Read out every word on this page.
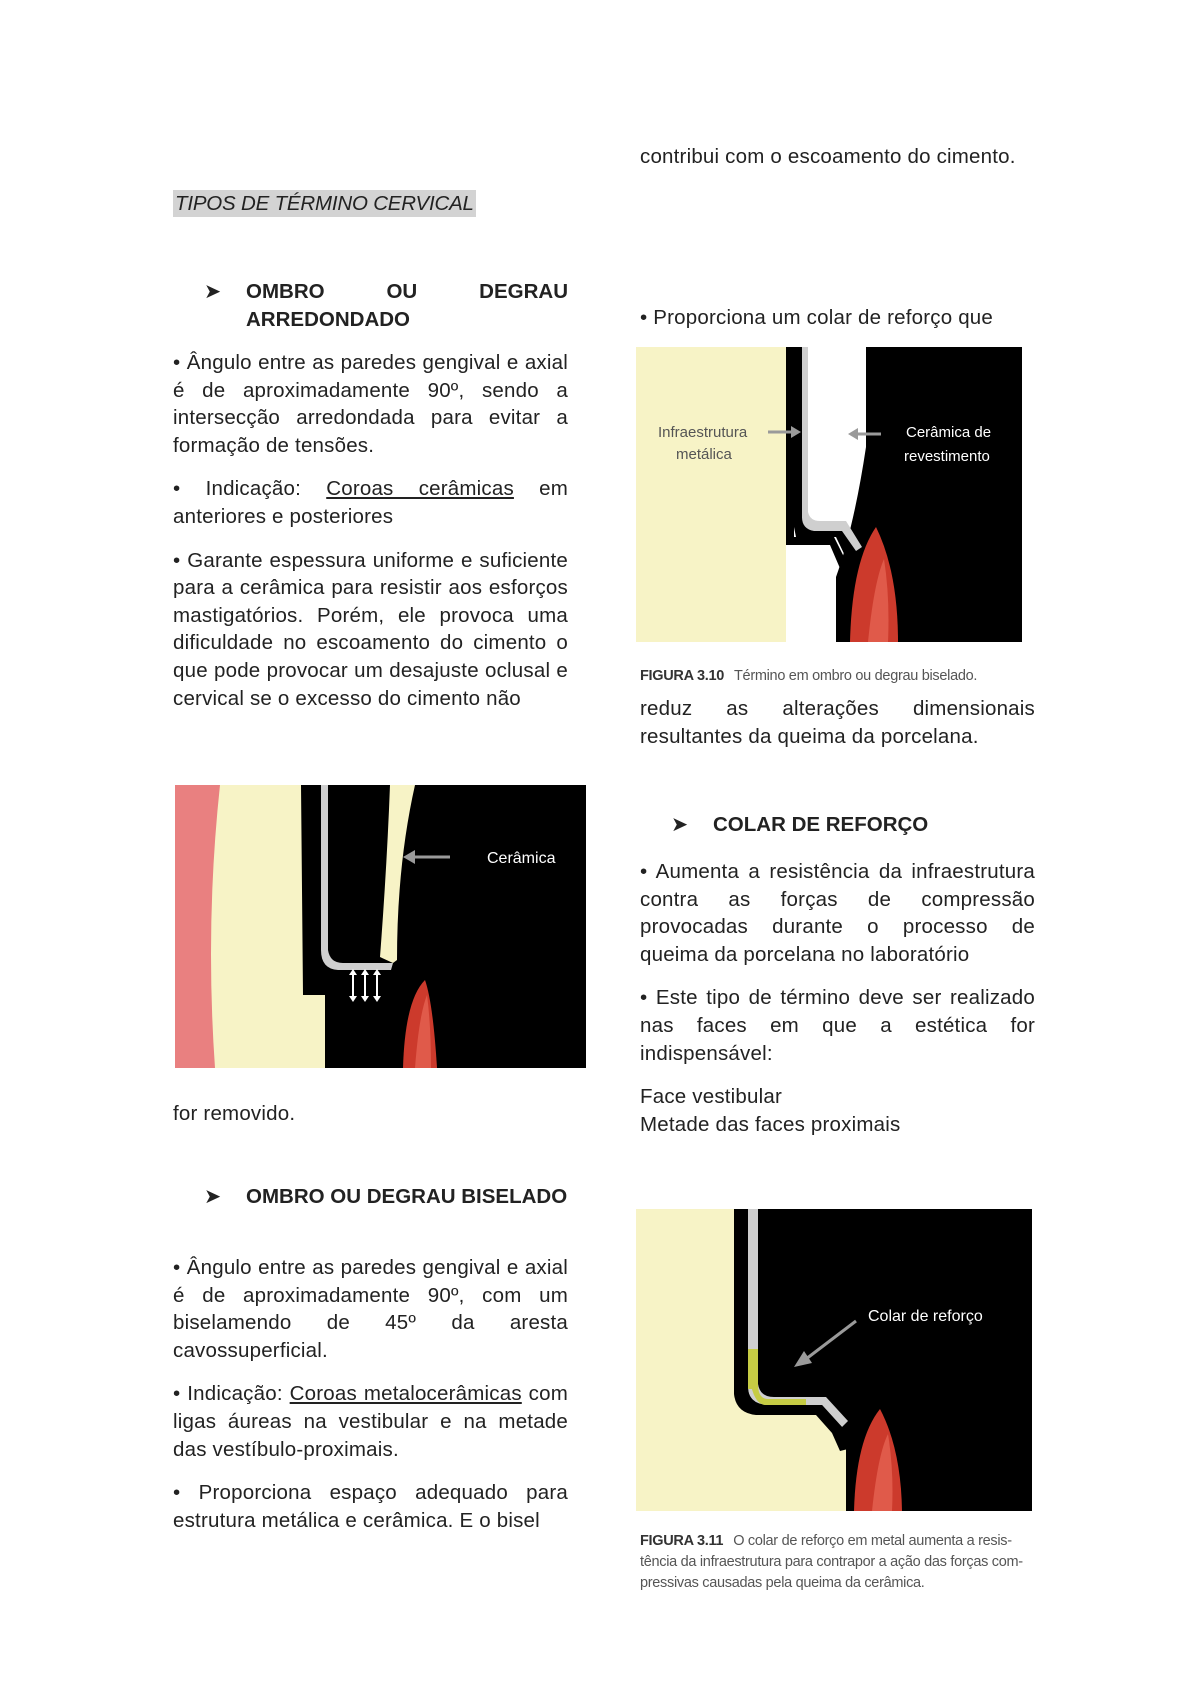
TIPOS DE TÉRMINO CERVICAL
➤ OMBRO OU DEGRAU ARREDONDADO

• Ângulo entre as paredes gengival e axial é de aproximadamente 90º, sendo a intersecção arredondada para evitar a formação de tensões.

• Indicação: Coroas cerâmicas em anteriores e posteriores

• Garante espessura uniforme e suficiente para a cerâmica para resistir aos esforços mastigatórios. Porém, ele provoca uma dificuldade no escoamento do cimento o que pode provocar um desajuste oclusal e cervical se o excesso do cimento não

Cerâmica

for removido.

➤ OMBRO OU DEGRAU BISELADO

• Ângulo entre as paredes gengival e axial é de aproximadamente 90º, com um biselamendo de 45º da aresta cavossuperficial.

• Indicação: Coroas metalocerâmicas com ligas áureas na vestibular e na metade das vestíbulo-proximais.

• Proporciona espaço adequado para estrutura metálica e cerâmica. E o bisel

contribui com o escoamento do cimento.

• Proporciona um colar de reforço que

Infraestrutura
metálica
Cerâmica de
revestimento
FIGURA 3.10 Término em ombro ou degrau biselado.

reduz as alterações dimensionais resultantes da queima da porcelana.

➤ COLAR DE REFORÇO

• Aumenta a resistência da infraestrutura contra as forças de compressão provocadas durante o processo de queima da porcelana no laboratório

• Este tipo de término deve ser realizado nas faces em que a estética for indispensável:

Face vestibular

Metade das faces proximais

Colar de reforço
FIGURA 3.11 O colar de reforço em metal aumenta a resis-
tência da infraestrutura para contrapor a ação das forças com-
pressivas causadas pela queima da cerâmica.
